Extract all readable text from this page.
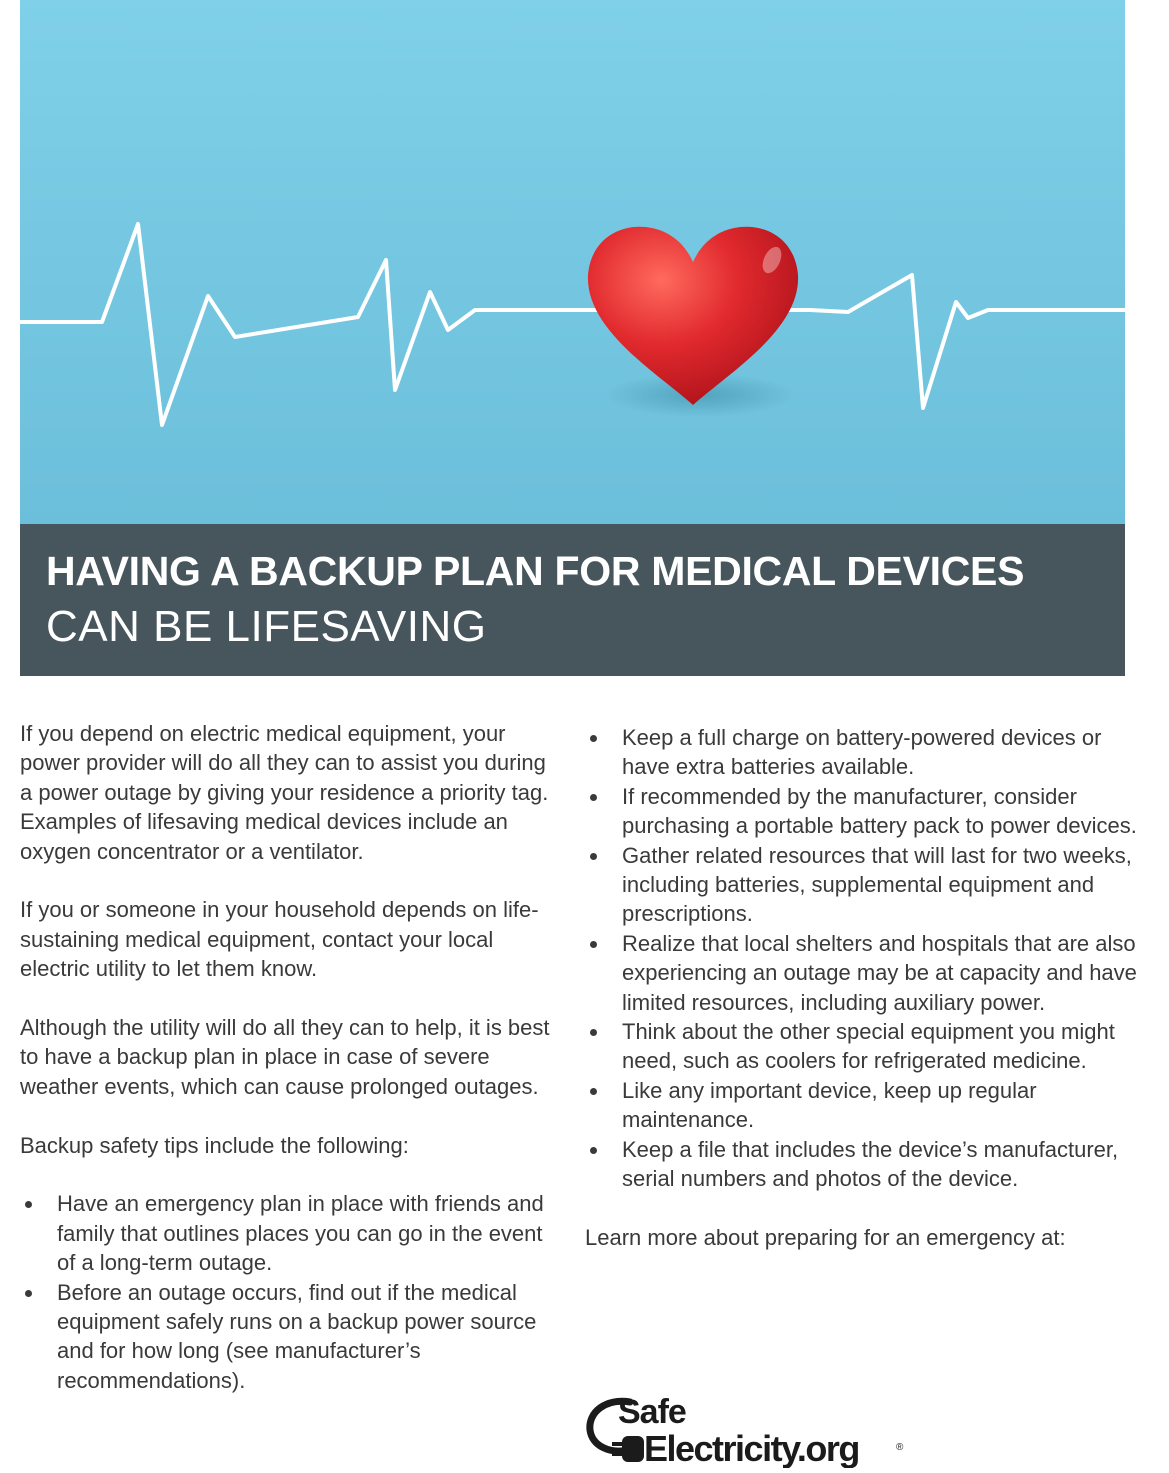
HAVING A BACKUP PLAN FOR MEDICAL DEVICES
CAN BE LIFESAVING

If you depend on electric medical equipment, your power provider will do all they can to assist you during a power outage by giving your residence a priority tag. Examples of lifesaving medical devices include an oxygen concentrator or a ventilator.

If you or someone in your household depends on life-sustaining medical equipment, contact your local electric utility to let them know.

Although the utility will do all they can to help, it is best to have a backup plan in place in case of severe weather events, which can cause prolonged outages.

Backup safety tips include the following:

Have an emergency plan in place with friends and family that outlines places you can go in the event of a long-term outage.
Before an outage occurs, find out if the medical equipment safely runs on a backup power source and for how long (see manufacturer’s recommendations).
Keep a full charge on battery-powered devices or have extra batteries available.
If recommended by the manufacturer, consider purchasing a portable battery pack to power devices.
Gather related resources that will last for two weeks, including batteries, supplemental equipment and prescriptions.
Realize that local shelters and hospitals that are also experiencing an outage may be at capacity and have limited resources, including auxiliary power.
Think about the other special equipment you might need, such as coolers for refrigerated medicine.
Like any important device, keep up regular maintenance.
Keep a file that includes the device’s manufacturer, serial numbers and photos of the device.

Learn more about preparing for an emergency at:

Safe
Electricity.org	®
